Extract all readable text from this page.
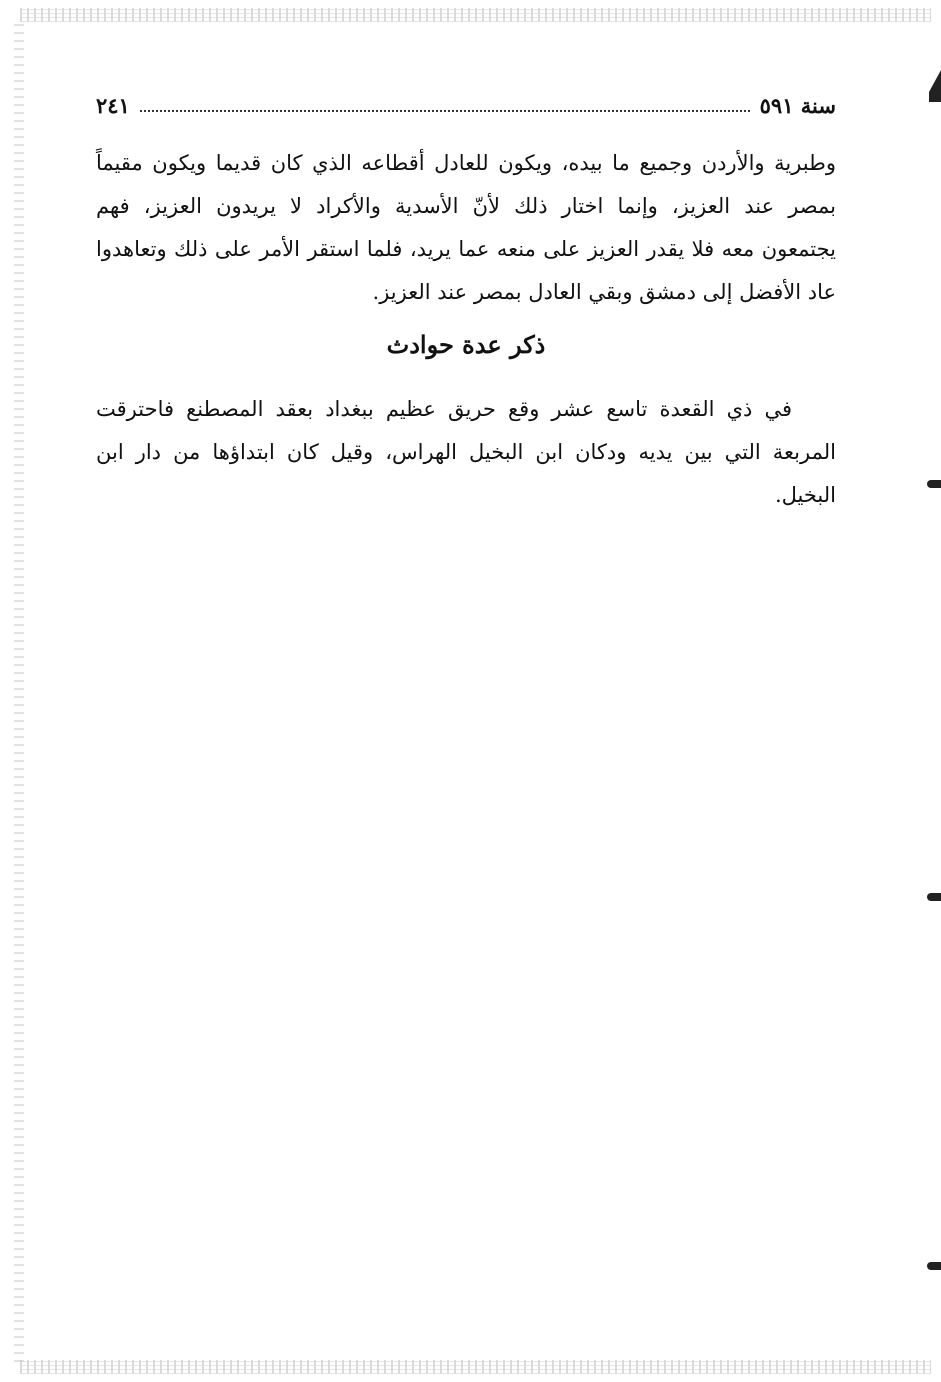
٢٤١	سنة ٥٩١
وطبرية والأردن وجميع ما بيده، ويكون للعادل أقطاعه الذي كان قديما ويكون مقيماً
بمصر عند العزيز، وإنما اختار ذلك لأنّ الأسدية والأكراد لا يريدون العزيز، فهم
يجتمعون معه فلا يقدر العزيز على منعه عما يريد، فلما استقر الأمر على ذلك وتعاهدوا
عاد الأفضل إلى دمشق وبقي العادل بمصر عند العزيز.
ذكر عدة حوادث
في ذي القعدة تاسع عشر وقع حريق عظيم ببغداد بعقد المصطنع فاحترقت
المربعة التي بين يديه ودكان ابن البخيل الهراس، وقيل كان ابتداؤها من دار ابن
البخيل.
